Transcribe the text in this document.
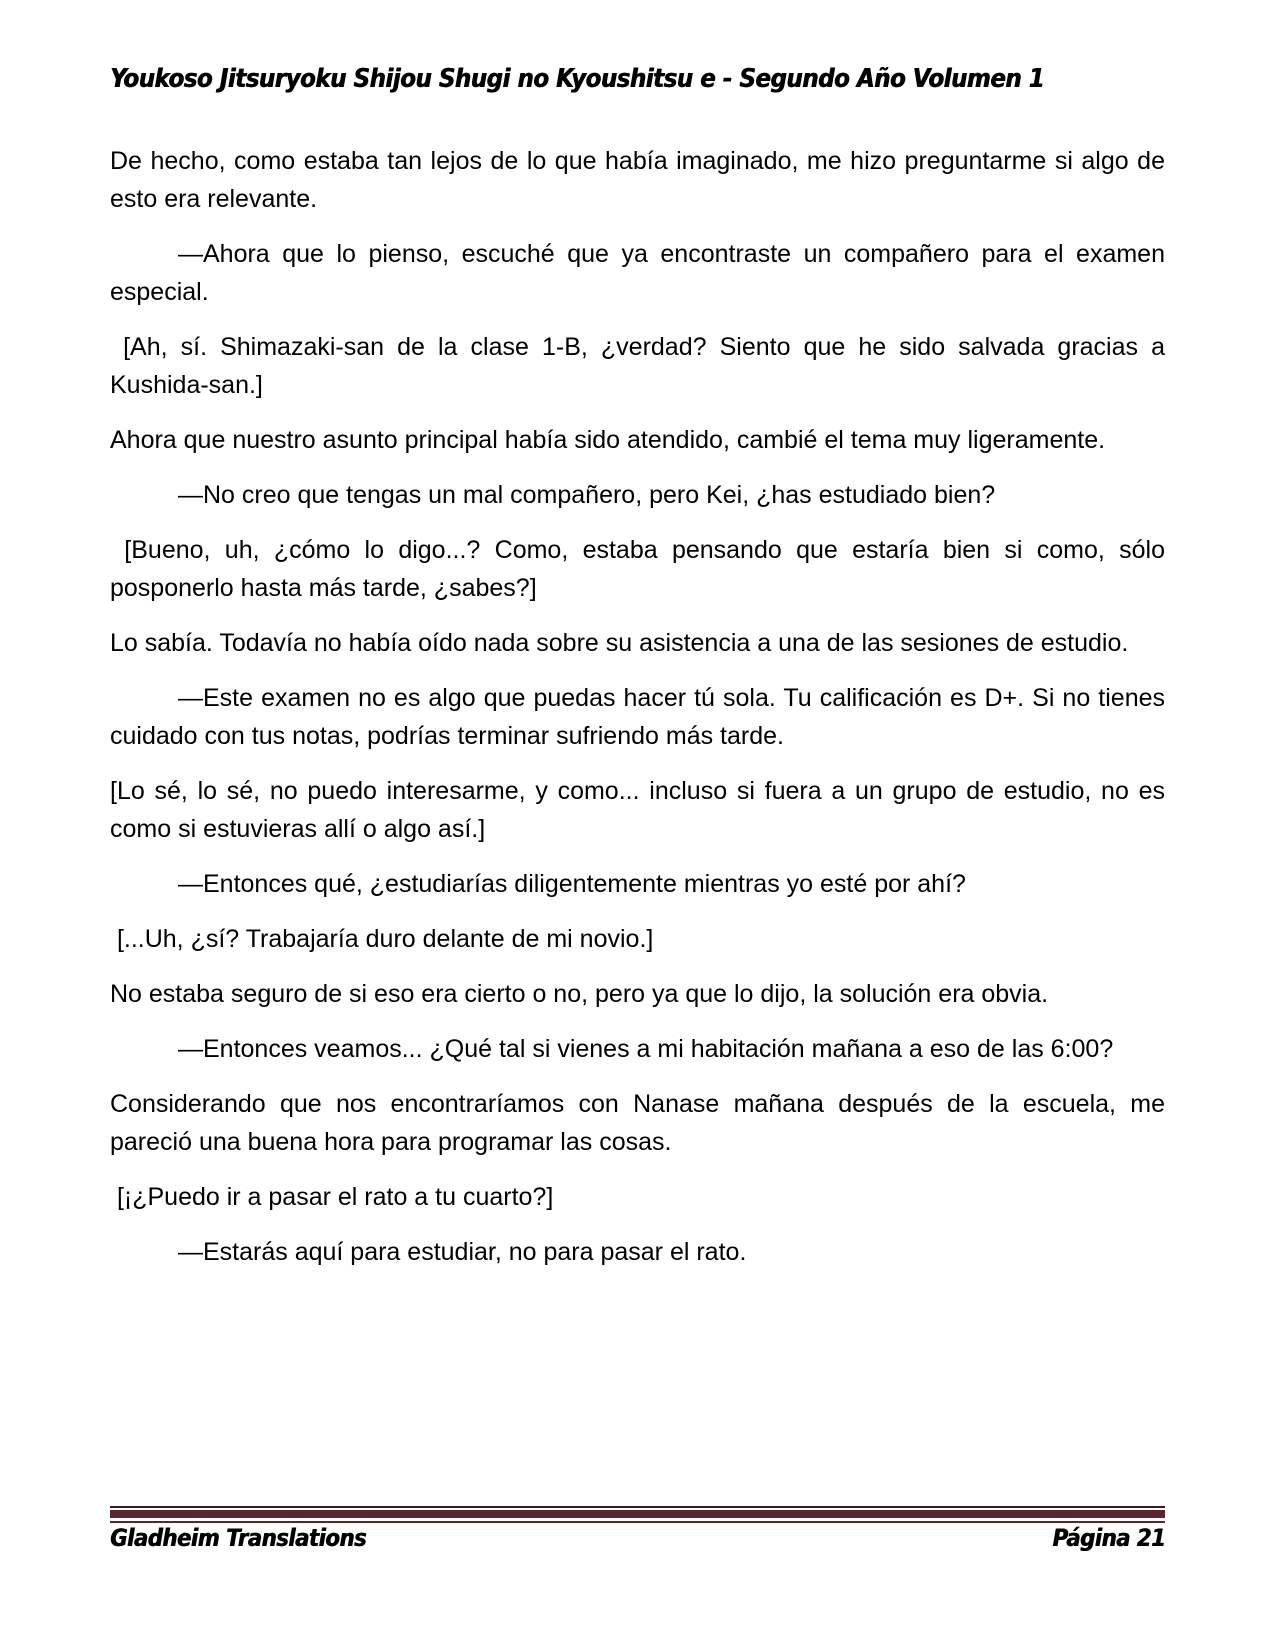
Youkoso Jitsuryoku Shijou Shugi no Kyoushitsu e - Segundo Año Volumen 1

De hecho, como estaba tan lejos de lo que había imaginado, me hizo preguntarme si algo de esto era relevante.

—Ahora que lo pienso, escuché que ya encontraste un compañero para el examen especial.

[Ah, sí. Shimazaki-san de la clase 1-B, ¿verdad? Siento que he sido salvada gracias a Kushida-san.]

Ahora que nuestro asunto principal había sido atendido, cambié el tema muy ligeramente.

—No creo que tengas un mal compañero, pero Kei, ¿has estudiado bien?

[Bueno, uh, ¿cómo lo digo...? Como, estaba pensando que estaría bien si como, sólo posponerlo hasta más tarde, ¿sabes?]

Lo sabía. Todavía no había oído nada sobre su asistencia a una de las sesiones de estudio.

—Este examen no es algo que puedas hacer tú sola. Tu calificación es D+. Si no tienes cuidado con tus notas, podrías terminar sufriendo más tarde.

[Lo sé, lo sé, no puedo interesarme, y como... incluso si fuera a un grupo de estudio, no es como si estuvieras allí o algo así.]

—Entonces qué, ¿estudiarías diligentemente mientras yo esté por ahí?

[...Uh, ¿sí? Trabajaría duro delante de mi novio.]

No estaba seguro de si eso era cierto o no, pero ya que lo dijo, la solución era obvia.

—Entonces veamos... ¿Qué tal si vienes a mi habitación mañana a eso de las 6:00?

Considerando que nos encontraríamos con Nanase mañana después de la escuela, me pareció una buena hora para programar las cosas.

[¡¿Puedo ir a pasar el rato a tu cuarto?]

—Estarás aquí para estudiar, no para pasar el rato.

Gladheim Translations	Página 21
